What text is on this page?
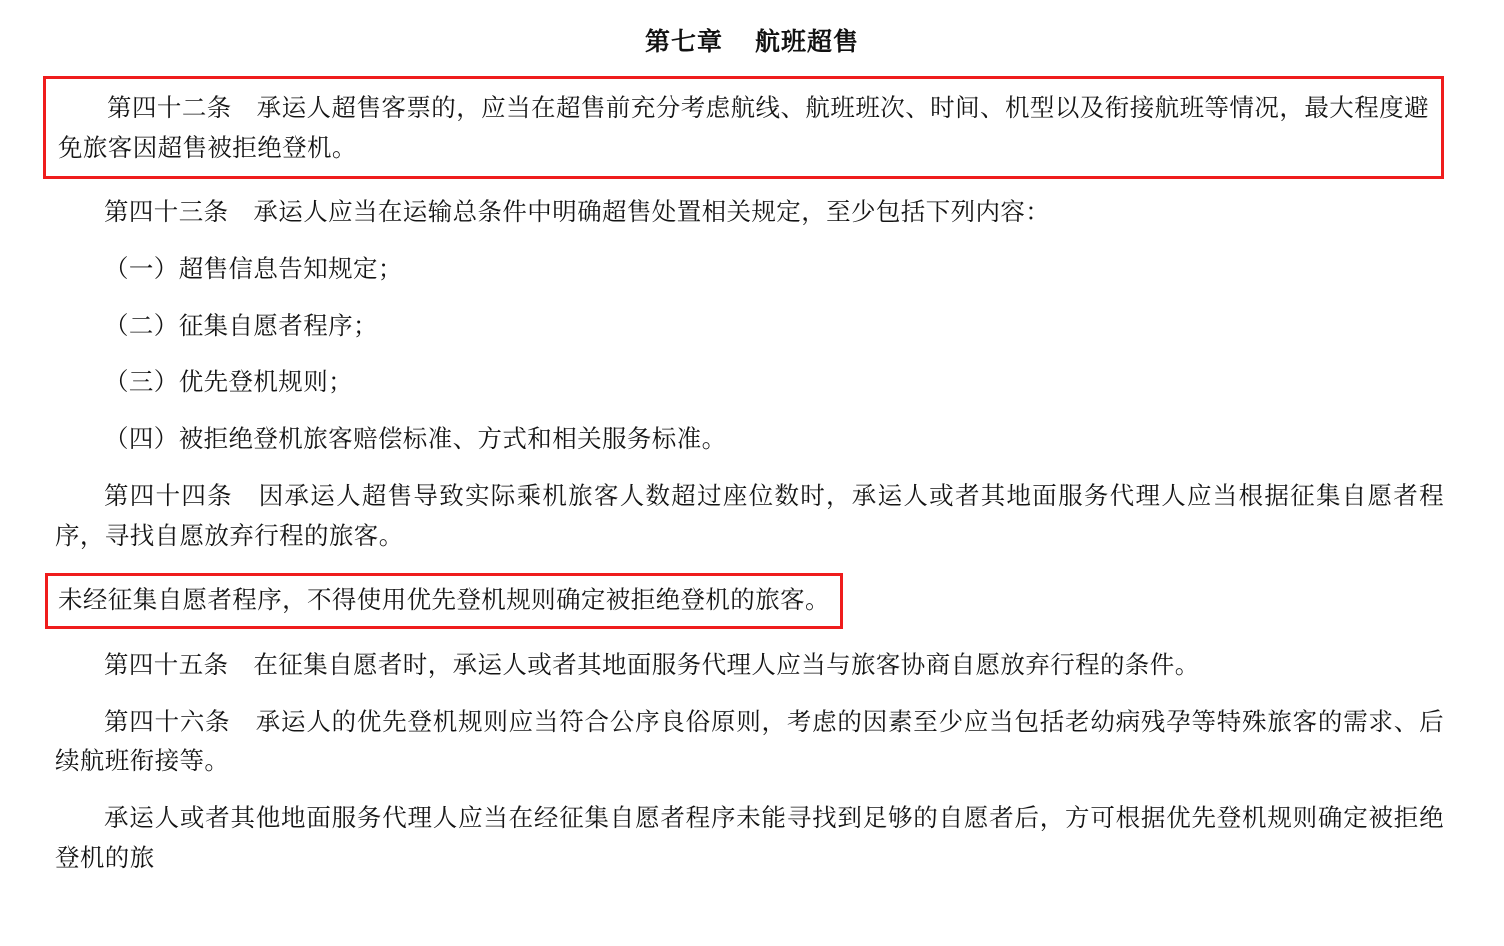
第七章 航班超售

第四十二条　承运人超售客票的，应当在超售前充分考虑航线、航班班次、时间、机型以及衔接航班等情况，最大程度避免旅客因超售被拒绝登机。

第四十三条　承运人应当在运输总条件中明确超售处置相关规定，至少包括下列内容：

（一）超售信息告知规定；

（二）征集自愿者程序；

（三）优先登机规则；

（四）被拒绝登机旅客赔偿标准、方式和相关服务标准。

第四十四条　因承运人超售导致实际乘机旅客人数超过座位数时，承运人或者其地面服务代理人应当根据征集自愿者程序，寻找自愿放弃行程的旅客。

未经征集自愿者程序，不得使用优先登机规则确定被拒绝登机的旅客。

第四十五条　在征集自愿者时，承运人或者其地面服务代理人应当与旅客协商自愿放弃行程的条件。

第四十六条　承运人的优先登机规则应当符合公序良俗原则，考虑的因素至少应当包括老幼病残孕等特殊旅客的需求、后续航班衔接等。

承运人或者其他地面服务代理人应当在经征集自愿者程序未能寻找到足够的自愿者后，方可根据优先登机规则确定被拒绝登机的旅
